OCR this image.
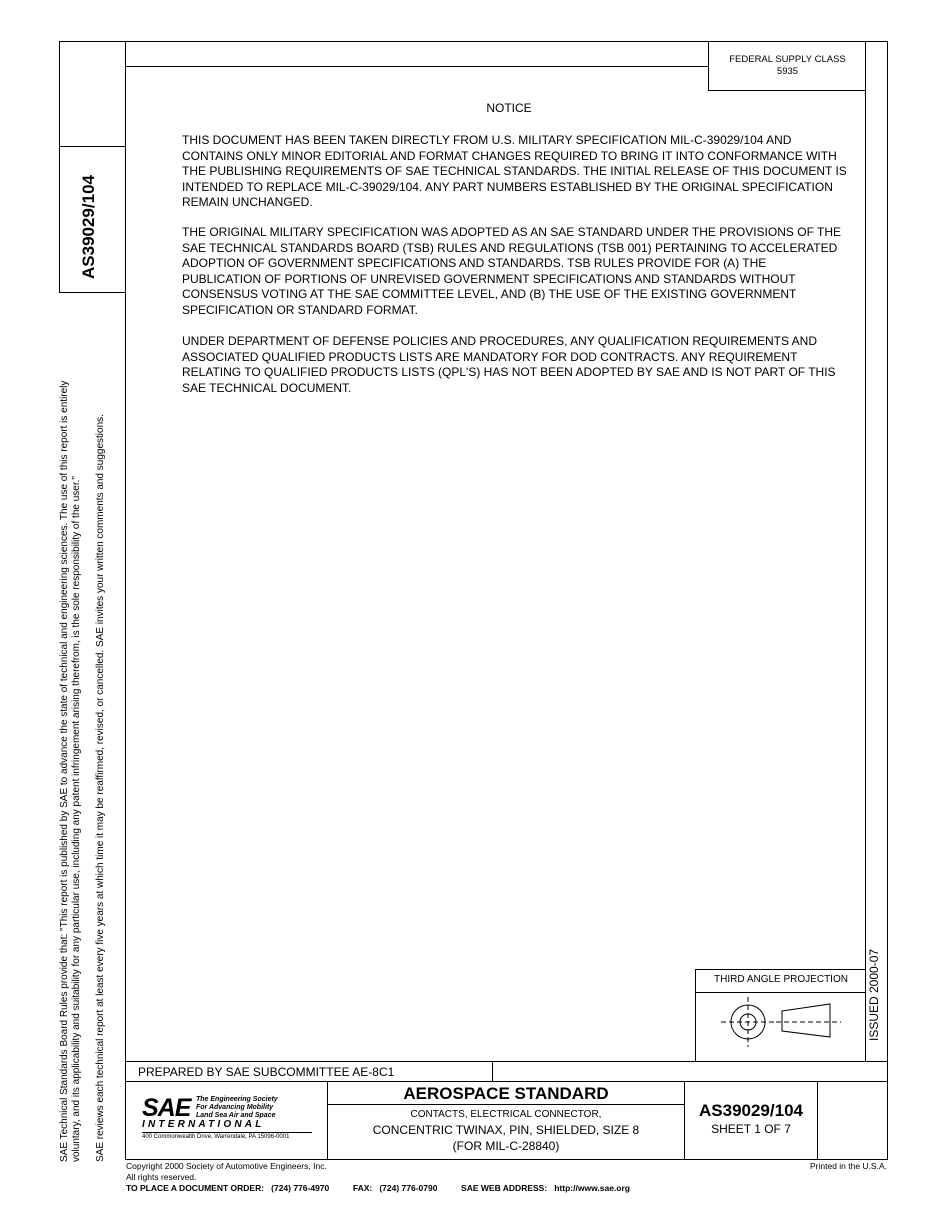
AS39029/104
SAE Technical Standards Board Rules provide that: "This report is published by SAE to advance the state of technical and engineering sciences. The use of this report is entirely voluntary, and its applicability and suitability for any particular use, including any patent infringement arising therefrom, is the sole responsibility of the user." SAE reviews each technical report at least every five years at which time it may be reaffirmed, revised, or cancelled. SAE invites your written comments and suggestions.	ISSUED 2000-07
FEDERAL SUPPLY CLASS
5935
NOTICE
THIS DOCUMENT HAS BEEN TAKEN DIRECTLY FROM U.S. MILITARY SPECIFICATION MIL-C-39029/104 AND CONTAINS ONLY MINOR EDITORIAL AND FORMAT CHANGES REQUIRED TO BRING IT INTO CONFORMANCE WITH THE PUBLISHING REQUIREMENTS OF SAE TECHNICAL STANDARDS. THE INITIAL RELEASE OF THIS DOCUMENT IS INTENDED TO REPLACE MIL-C-39029/104. ANY PART NUMBERS ESTABLISHED BY THE ORIGINAL SPECIFICATION REMAIN UNCHANGED.
THE ORIGINAL MILITARY SPECIFICATION WAS ADOPTED AS AN SAE STANDARD UNDER THE PROVISIONS OF THE SAE TECHNICAL STANDARDS BOARD (TSB) RULES AND REGULATIONS (TSB 001) PERTAINING TO ACCELERATED ADOPTION OF GOVERNMENT SPECIFICATIONS AND STANDARDS. TSB RULES PROVIDE FOR (A) THE PUBLICATION OF PORTIONS OF UNREVISED GOVERNMENT SPECIFICATIONS AND STANDARDS WITHOUT CONSENSUS VOTING AT THE SAE COMMITTEE LEVEL, AND (B) THE USE OF THE EXISTING GOVERNMENT SPECIFICATION OR STANDARD FORMAT.
UNDER DEPARTMENT OF DEFENSE POLICIES AND PROCEDURES, ANY QUALIFICATION REQUIREMENTS AND ASSOCIATED QUALIFIED PRODUCTS LISTS ARE MANDATORY FOR DOD CONTRACTS. ANY REQUIREMENT RELATING TO QUALIFIED PRODUCTS LISTS (QPL'S) HAS NOT BEEN ADOPTED BY SAE AND IS NOT PART OF THIS SAE TECHNICAL DOCUMENT.
THIRD ANGLE PROJECTION
PREPARED BY SAE SUBCOMMITTEE AE-8C1
SAE The Engineering Society
For Advancing Mobility
Land Sea Air and Space
INTERNATIONAL
400 Commonwealth Drive, Warrendale, PA 15096-0001
AEROSPACE STANDARD
CONTACTS, ELECTRICAL CONNECTOR,
CONCENTRIC TWINAX, PIN, SHIELDED, SIZE 8
(FOR MIL-C-28840)
AS39029/104
SHEET 1 OF 7
Copyright 2000 Society of Automotive Engineers, Inc.
All rights reserved.
Printed in the U.S.A.
TO PLACE A DOCUMENT ORDER:   (724) 776-4970          FAX:   (724) 776-0790          SAE WEB ADDRESS:   http://www.sae.org
